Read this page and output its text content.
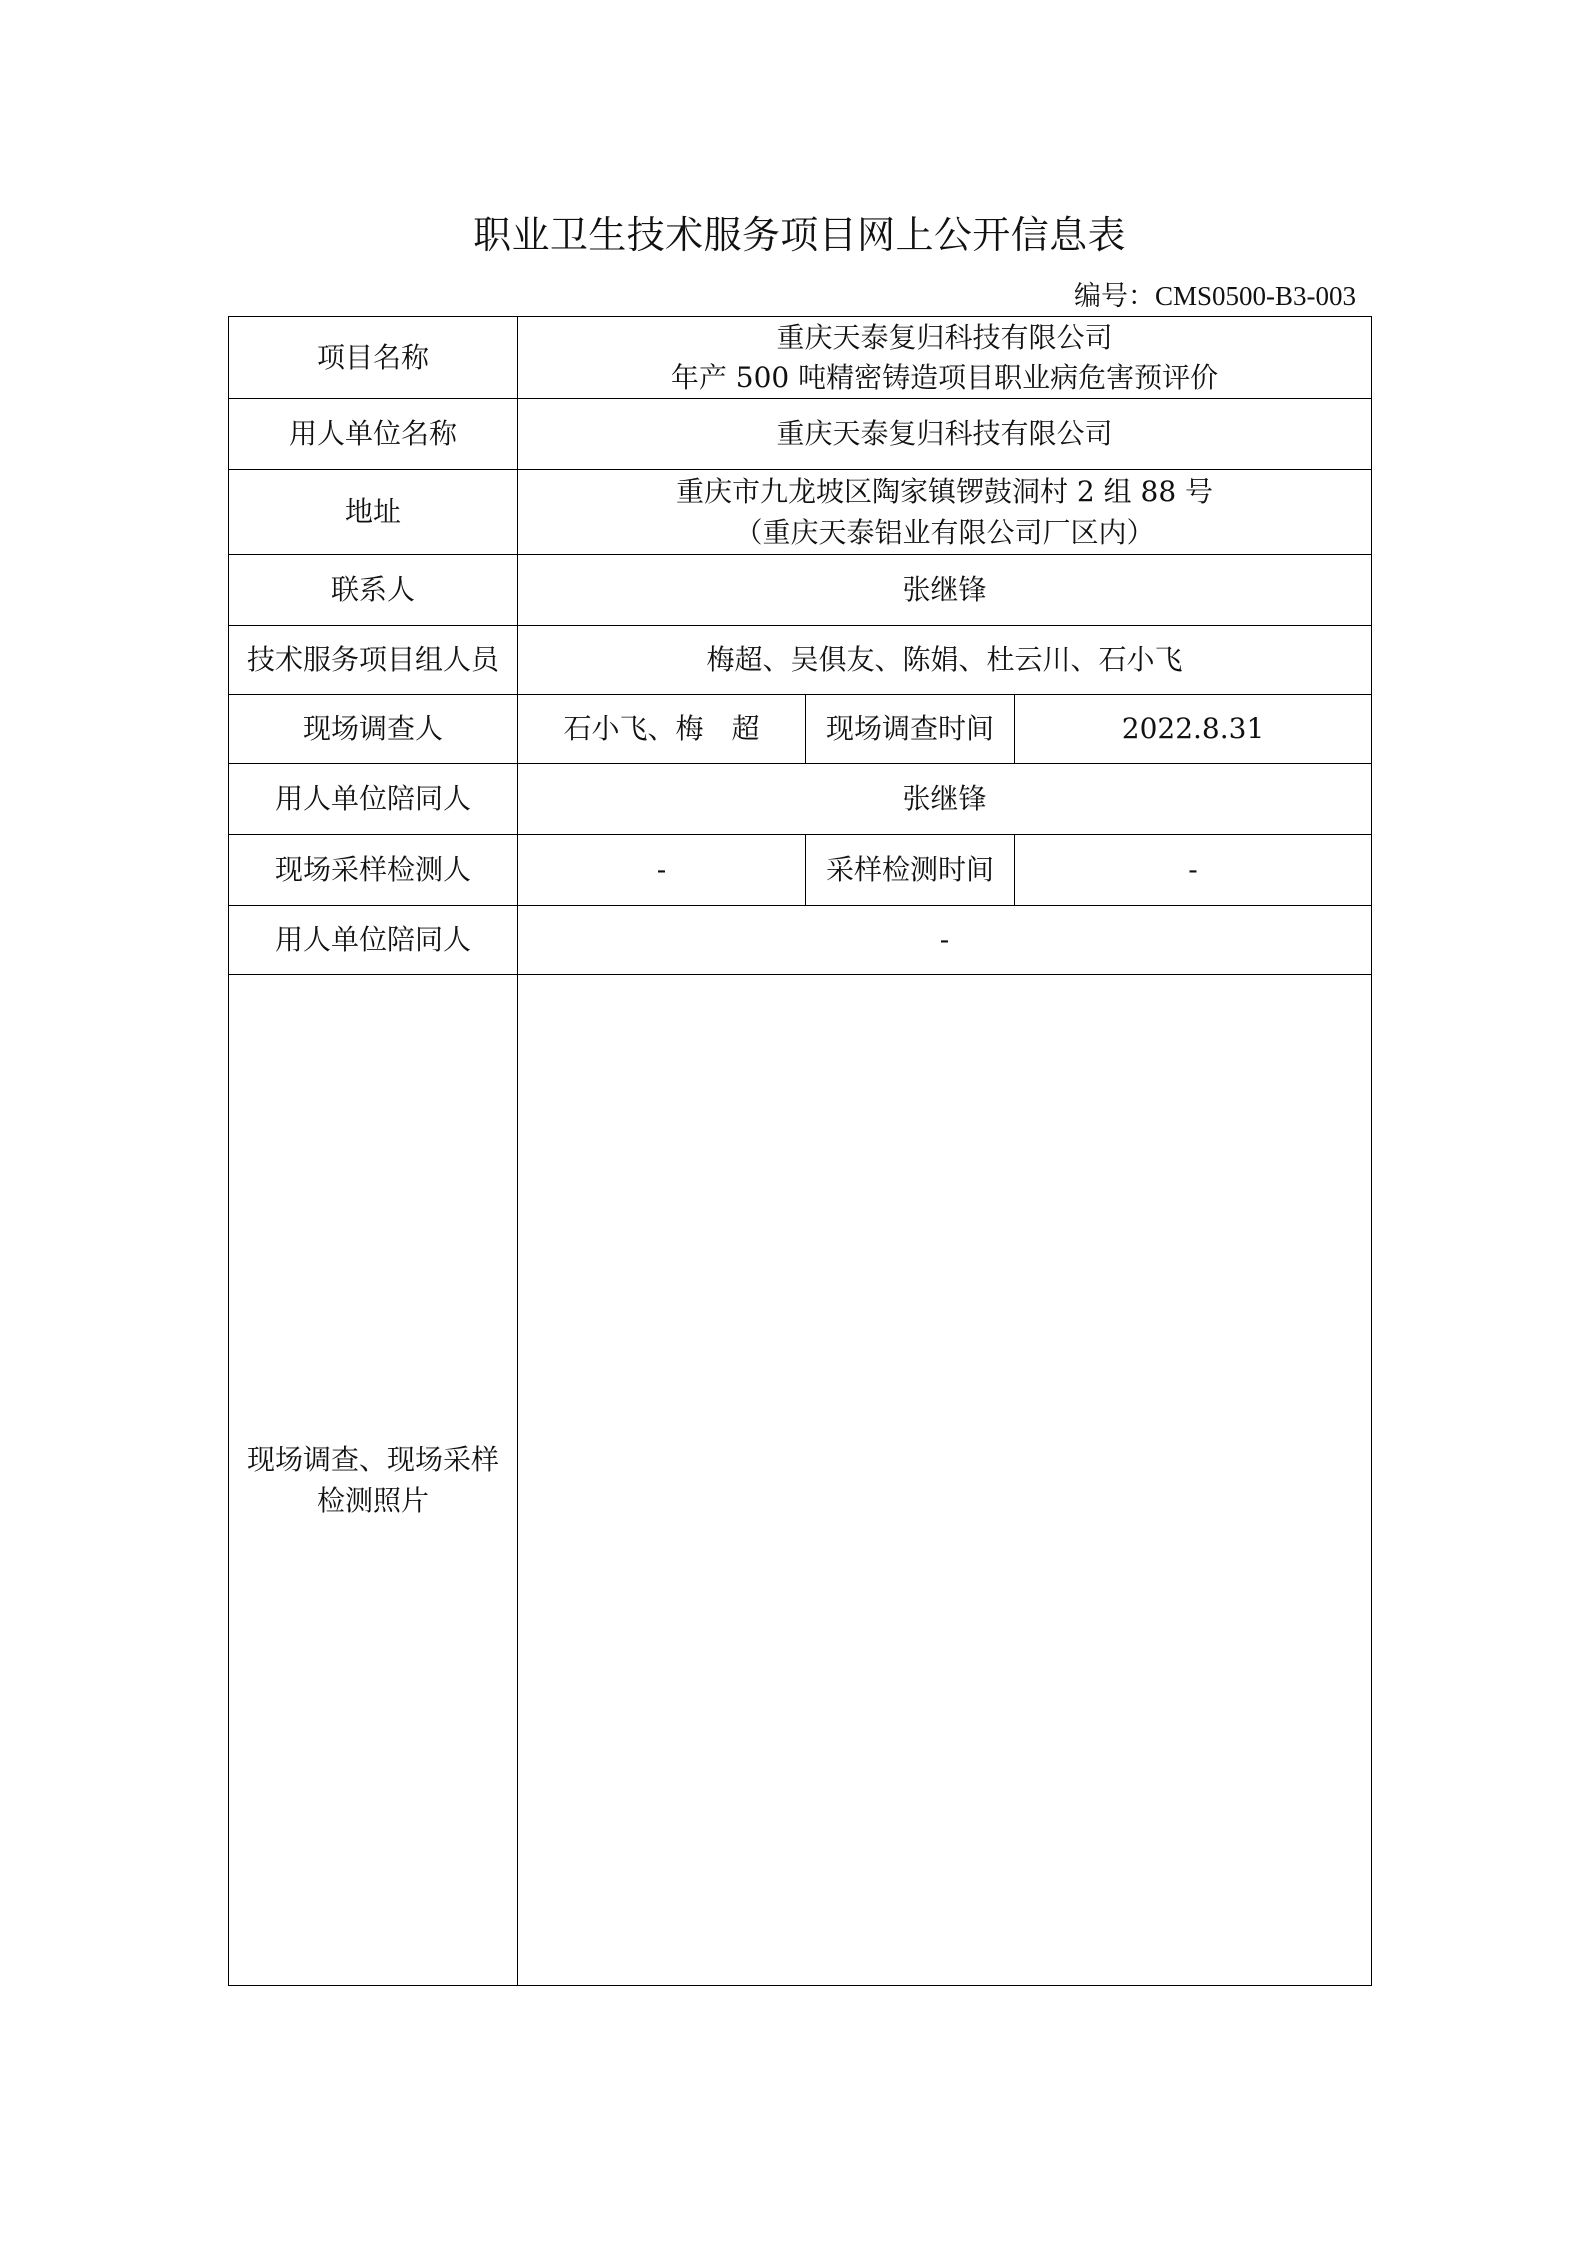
职业卫生技术服务项目网上公开信息表
编号：CMS0500-B3-003
项目名称	重庆天泰复归科技有限公司
年产 500 吨精密铸造项目职业病危害预评价		

用人单位名称	重庆天泰复归科技有限公司		
地址	重庆市九龙坡区陶家镇锣鼓洞村 2 组 88 号
（重庆天泰铝业有限公司厂区内）		

联系人	张继锋		
技术服务项目组人员	梅超、吴俱友、陈娟、杜云川、石小飞		
现场调查人	石小飞、梅　超	现场调查时间	2022.8.31
用人单位陪同人	张继锋		
现场采样检测人	-	采样检测时间	-
用人单位陪同人	-		
现场调查、现场采样检测照片			
